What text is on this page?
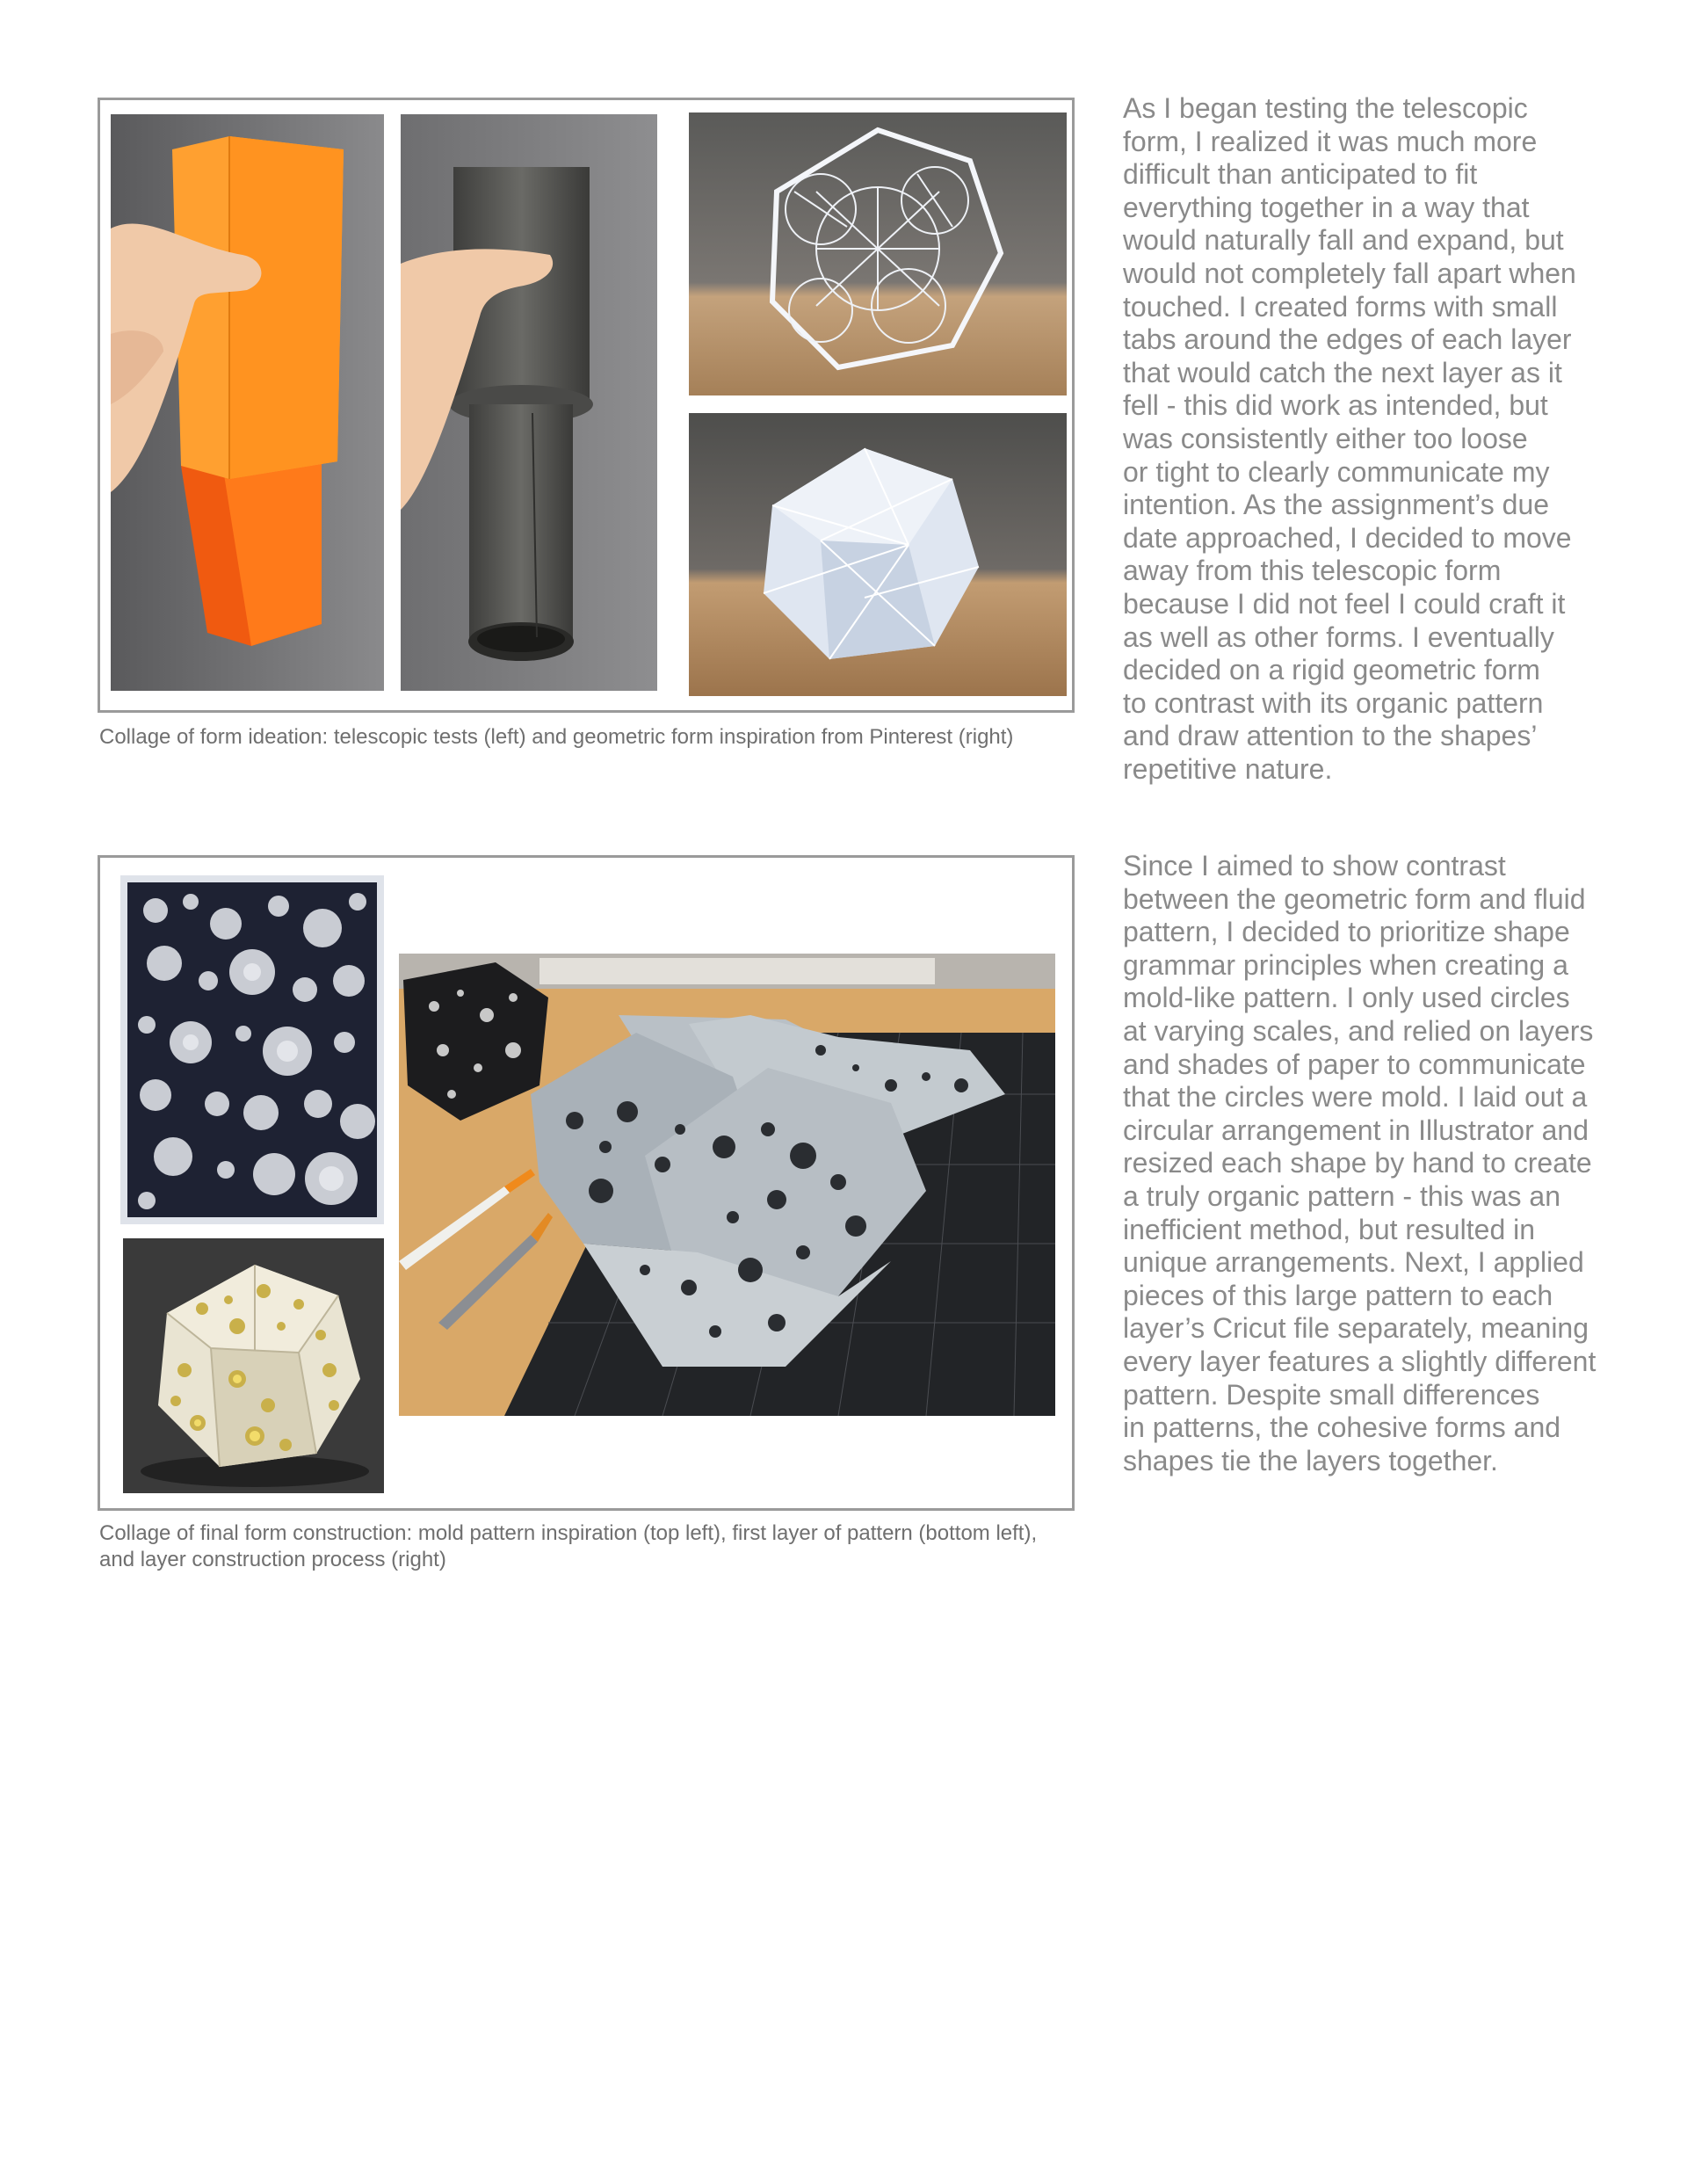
Collage of form ideation: telescopic tests (left) and geometric form inspiration from Pinterest (right)
As I began testing the telescopic
form, I realized it was much more
difficult than anticipated to fit
everything together in a way that
would naturally fall and expand, but
would not completely fall apart when
touched. I created forms with small
tabs around the edges of each layer
that would catch the next layer as it
fell - this did work as intended, but
was consistently either too loose
or tight to clearly communicate my
intention. As the assignment’s due
date approached, I decided to move
away from this telescopic form
because I did not feel I could craft it
as well as other forms. I eventually
decided on a rigid geometric form
to contrast with its organic pattern
and draw attention to the shapes’
repetitive nature.
Collage of final form construction: mold pattern inspiration (top left), first layer of pattern (bottom left), and layer construction process (right)
Since I aimed to show contrast
between the geometric form and fluid
pattern, I decided to prioritize shape
grammar principles when creating a
mold-like pattern. I only used circles
at varying scales, and relied on layers
and shades of paper to communicate
that the circles were mold. I laid out a
circular arrangement in Illustrator and
resized each shape by hand to create
a truly organic pattern - this was an
inefficient method, but resulted in
unique arrangements. Next, I applied
pieces of this large pattern to each
layer’s Cricut file separately, meaning
every layer features a slightly different
pattern. Despite small differences
in patterns, the cohesive forms and
shapes tie the layers together.
